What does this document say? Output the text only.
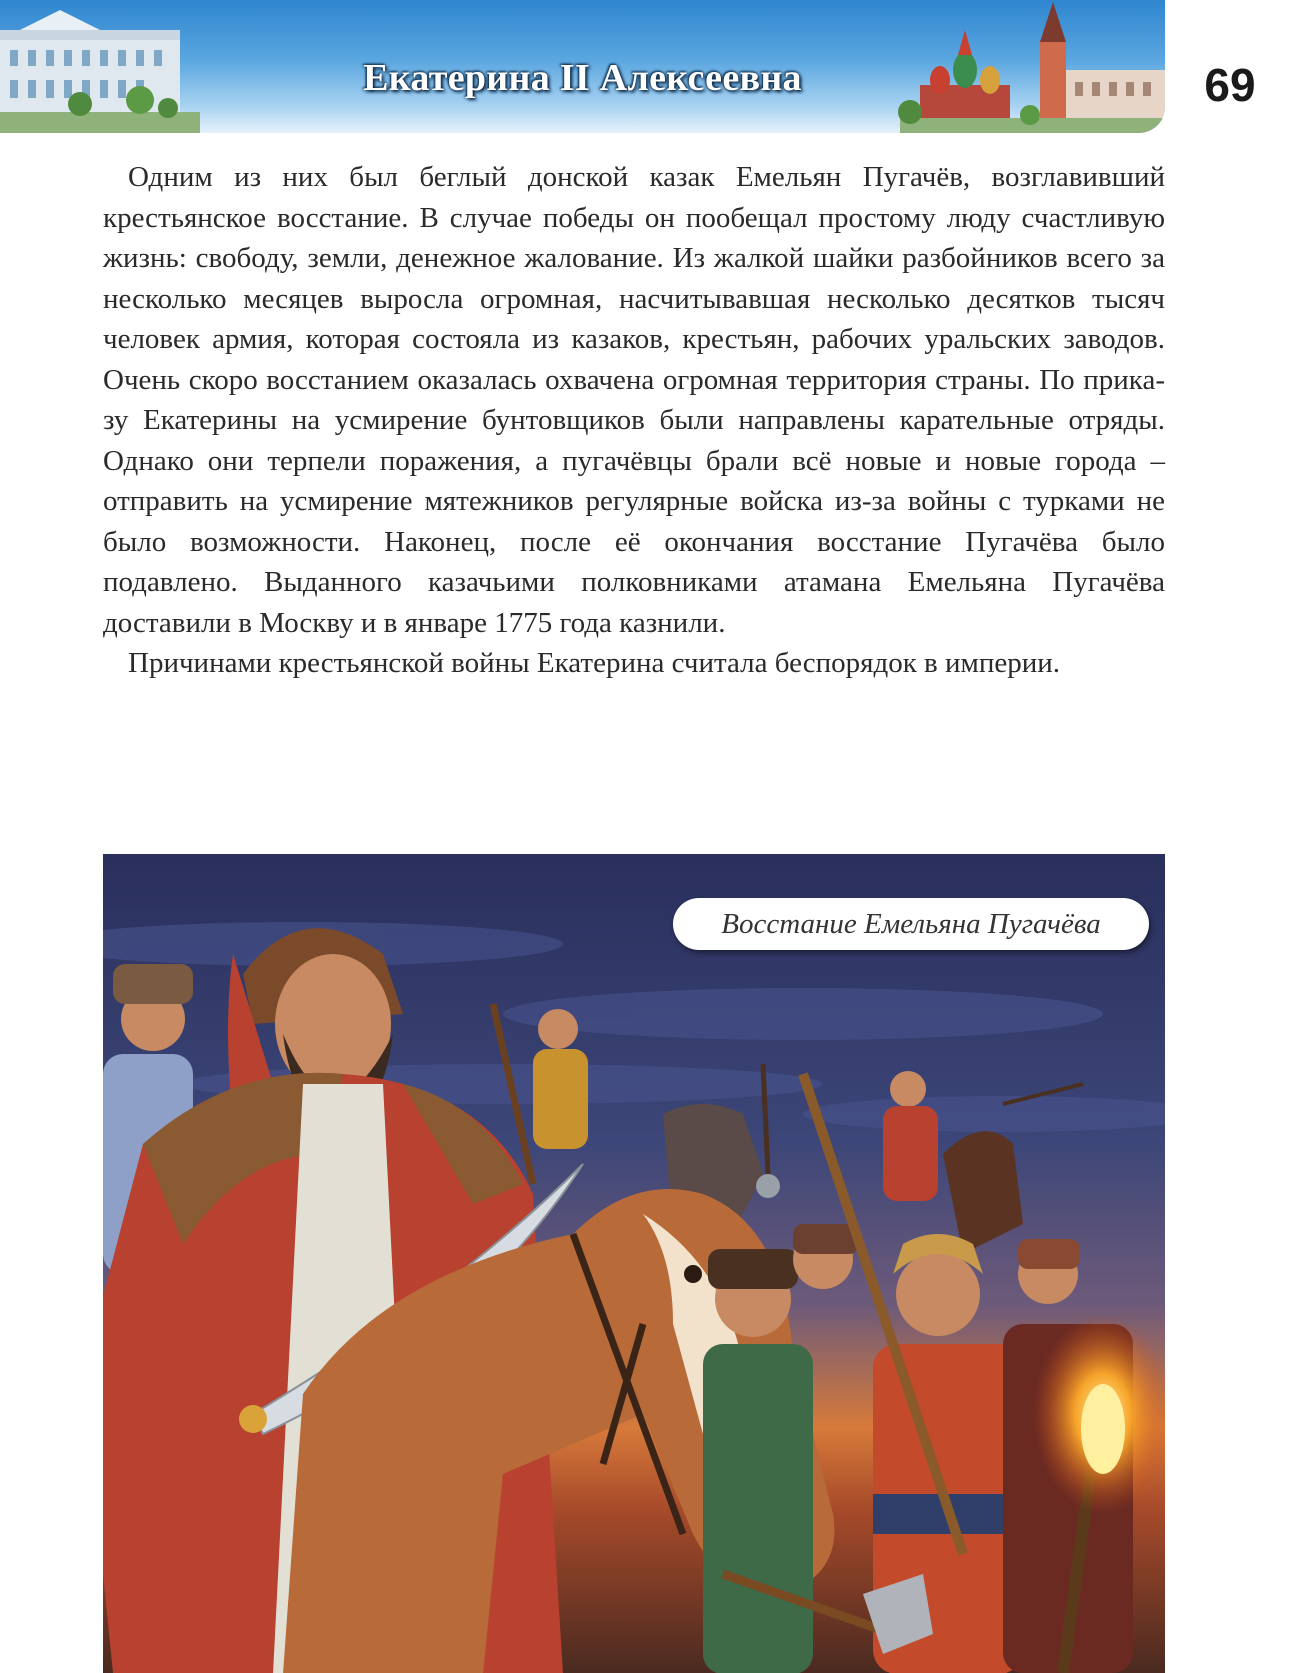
Екатерина II Алексеевна	69

Одним из них был беглый донской казак Емельян Пугачёв, возглавивший крестьянское восстание. В случае победы он пообещал простому люду счастливую жизнь: свободу, земли, денежное жалование. Из жалкой шайки разбойников всего за несколько месяцев выросла огромная, насчитывавшая несколько десятков тысяч человек армия, которая состояла из казаков, крестьян, рабочих уральских заводов. Очень скоро восстанием оказалась охвачена огромная территория страны. По приказу Екатерины на усмирение бунтовщиков были направлены карательные отряды. Однако они терпели поражения, а пугачёвцы брали всё новые и новые города – отправить на усмирение мятежников регулярные войска из-за войны с турками не было возможности. Наконец, после её окончания восстание Пугачёва было подавлено. Выданного казачьими полковниками атамана Емельяна Пугачёва доставили в Москву и в январе 1775 года казнили.

Причинами крестьянской войны Екатерина считала беспорядок в империи.

Восстание Емельяна Пугачёва
